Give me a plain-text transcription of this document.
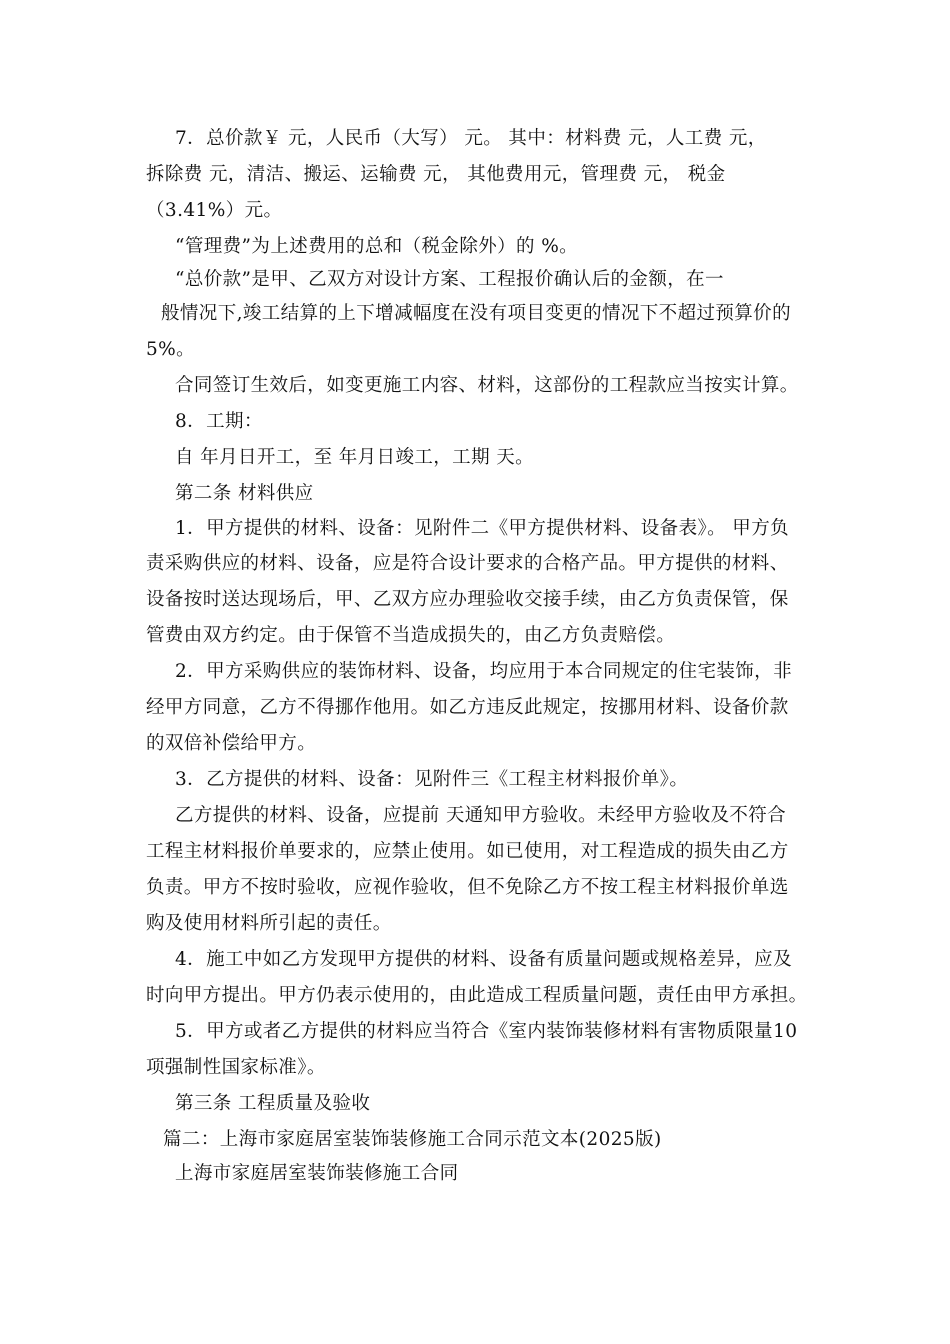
7．总价款￥ 元，人民币（大写） 元。 其中：材料费 元，人工费 元，
拆除费 元，清洁、搬运、运输费 元， 其他费用元，管理费 元， 税金
（3.41%）元。
“管理费”为上述费用的总和（税金除外）的 %。
“总价款”是甲、乙双方对设计方案、工程报价确认后的金额，在一
般情况下,竣工结算的上下增减幅度在没有项目变更的情况下不超过预算价的
5%。
合同签订生效后，如变更施工内容、材料，这部份的工程款应当按实计算。
8．工期：
自 年月日开工，至 年月日竣工，工期 天。
第二条 材料供应
1．甲方提供的材料、设备：见附件二《甲方提供材料、设备表》。 甲方负
责采购供应的材料、设备，应是符合设计要求的合格产品。甲方提供的材料、
设备按时送达现场后，甲、乙双方应办理验收交接手续，由乙方负责保管，保
管费由双方约定。由于保管不当造成损失的，由乙方负责赔偿。
2．甲方采购供应的装饰材料、设备，均应用于本合同规定的住宅装饰，非
经甲方同意，乙方不得挪作他用。如乙方违反此规定，按挪用材料、设备价款
的双倍补偿给甲方。
3．乙方提供的材料、设备：见附件三《工程主材料报价单》。
乙方提供的材料、设备，应提前 天通知甲方验收。未经甲方验收及不符合
工程主材料报价单要求的，应禁止使用。如已使用，对工程造成的损失由乙方
负责。甲方不按时验收，应视作验收，但不免除乙方不按工程主材料报价单选
购及使用材料所引起的责任。
4．施工中如乙方发现甲方提供的材料、设备有质量问题或规格差异，应及
时向甲方提出。甲方仍表示使用的，由此造成工程质量问题，责任由甲方承担。
5．甲方或者乙方提供的材料应当符合《室内装饰装修材料有害物质限量10
项强制性国家标准》。
第三条 工程质量及验收
篇二：上海市家庭居室装饰装修施工合同示范文本(2025版)
上海市家庭居室装饰装修施工合同
